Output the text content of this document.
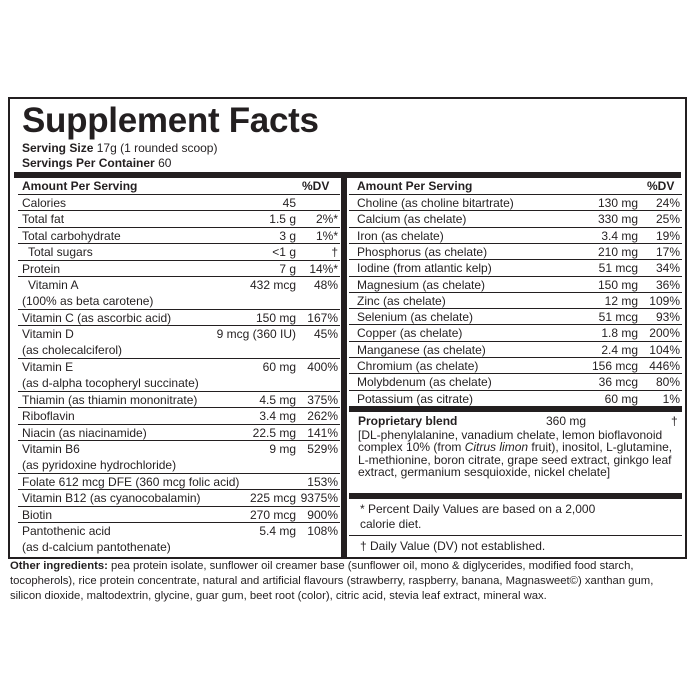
Supplement Facts
Serving Size 17g (1 rounded scoop)
Servings Per Container 60
Amount Per Serving	%DV
Calories	45
Total fat	1.5 g 2%*
Total carbohydrate	3 g 1%*
Total sugars	<1 g	†
Protein	7 g 14%*
Vitamin A	432 mcg 48%
(100% as beta carotene)
Vitamin C (as ascorbic acid)	150 mg 167%
Vitamin D	9 mcg (360 IU) 45%
(as cholecalciferol)
Vitamin E	60 mg 400%
(as d-alpha tocopheryl succinate)
Thiamin (as thiamin mononitrate)	4.5 mg 375%
Riboflavin	3.4 mg 262%
Niacin (as niacinamide)	22.5 mg 141%
Vitamin B6	9 mg 529%
(as pyridoxine hydrochloride)
Folate 612 mcg DFE (360 mcg folic acid)	153%
Vitamin B12 (as cyanocobalamin)	225 mcg 9375%
Biotin	270 mcg 900%
Pantothenic acid	5.4 mg 108%
(as d-calcium pantothenate)
Amount Per Serving	%DV
Choline (as choline bitartrate)	130 mg 24%
Calcium (as chelate)	330 mg 25%
Iron (as chelate)	3.4 mg 19%
Phosphorus (as chelate)	210 mg 17%
Iodine (from atlantic kelp)	51 mcg 34%
Magnesium (as chelate)	150 mg 36%
Zinc (as chelate)	12 mg 109%
Selenium (as chelate)	51 mcg 93%
Copper (as chelate)	1.8 mg 200%
Manganese (as chelate)	2.4 mg 104%
Chromium (as chelate)	156 mcg 446%
Molybdenum (as chelate)	36 mcg 80%
Potassium (as citrate)	60 mg 1%
Proprietary blend	360 mg	†
[DL-phenylalanine, vanadium chelate, lemon bioflavonoid complex 10% (from Citrus limon fruit), inositol, L-glutamine, L-methionine, boron citrate, grape seed extract, ginkgo leaf extract, germanium sesquioxide, nickel chelate]
* Percent Daily Values are based on a 2,000 calorie diet.
† Daily Value (DV) not established.
Other ingredients: pea protein isolate, sunflower oil creamer base (sunflower oil, mono & diglycerides, modified food starch, tocopherols), rice protein concentrate, natural and artificial flavours (strawberry, raspberry, banana, Magnasweet©) xanthan gum, silicon dioxide, maltodextrin, glycine, guar gum, beet root (color), citric acid, stevia leaf extract, mineral wax.
